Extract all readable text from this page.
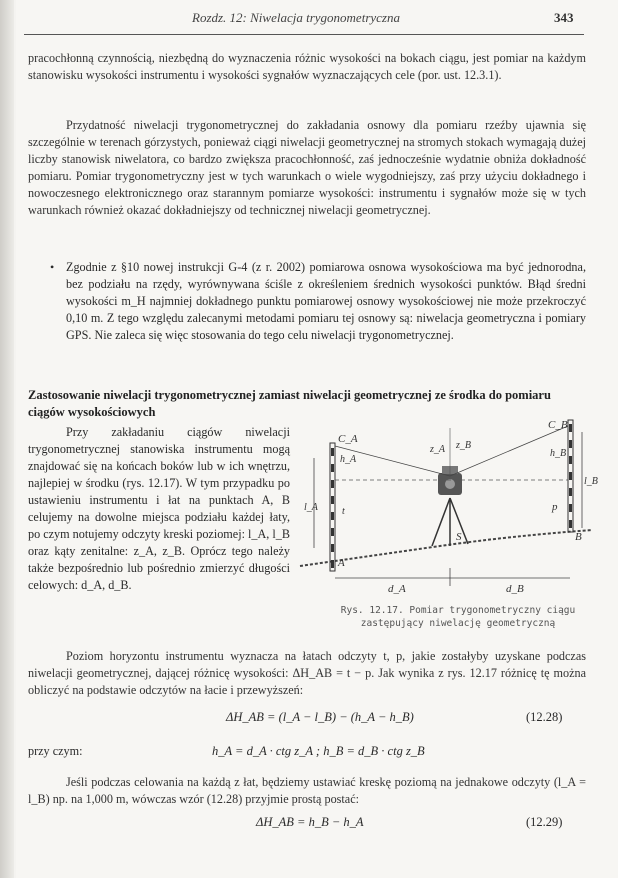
Rozdz. 12: Niwelacja trygonometryczna	343
pracochłonną czynnością, niezbędną do wyznaczenia różnic wysokości na bokach ciągu, jest pomiar na każdym stanowisku wysokości instrumentu i wysokości sygnałów wyznaczających cele (por. ust. 12.3.1).
Przydatność niwelacji trygonometrycznej do zakładania osnowy dla pomiaru rzeźby ujawnia się szczególnie w terenach górzystych, ponieważ ciągi niwelacji geometrycznej na stromych stokach wymagają dużej liczby stanowisk niwelatora, co bardzo zwiększa pracochłonność, zaś jednocześnie wydatnie obniża dokładność pomiaru. Pomiar trygonometryczny jest w tych warunkach o wiele wygodniejszy, zaś przy użyciu dokładnego i nowoczesnego elektronicznego oraz starannym pomiarze wysokości: instrumentu i sygnałów może się w tych warunkach również okazać dokładniejszy od technicznej niwelacji geometrycznej.
• Zgodnie z §10 nowej instrukcji G-4 (z r. 2002) pomiarowa osnowa wysokościowa ma być jednorodna, bez podziału na rzędy, wyrównywana ściśle z określeniem średnich wysokości punktów. Błąd średni wysokości m_H najmniej dokładnego punktu pomiarowej osnowy wysokościowej nie może przekroczyć 0,10 m. Z tego względu zalecanymi metodami pomiaru tej osnowy są: niwelacja geometryczna i pomiary GPS. Nie zaleca się więc stosowania do tego celu niwelacji trygonometrycznej.
Zastosowanie niwelacji trygonometrycznej zamiast niwelacji geometrycznej ze środka do pomiaru ciągów wysokościowych
Przy zakładaniu ciągów niwelacji trygonometrycznej stanowiska instrumentu mogą znajdować się na końcach boków lub w ich wnętrzu, najlepiej w środku (rys. 12.17). W tym przypadku po ustawieniu instrumentu i łat na punktach A, B celujemy na dowolne miejsca podziału każdej łaty, po czym notujemy odczyty kreski poziomej: l_A, l_B oraz kąty zenitalne: z_A, z_B. Oprócz tego należy także bezpośrednio lub pośrednio zmierzyć długości celowych: d_A, d_B.
C_A
C_B
h_A
h_B
z_A z_B
l_A
l_B
t	p
A
B
S
d_A	d_B
Rys. 12.17. Pomiar trygonometryczny ciągu
zastępujący niwelację geometryczną
Poziom horyzontu instrumentu wyznacza na łatach odczyty t, p, jakie zostałyby uzyskane podczas niwelacji geometrycznej, dającej różnicę wysokości: ΔH_AB = t − p. Jak wynika z rys. 12.17 różnicę tę można obliczyć na podstawie odczytów na łacie i przewyższeń:
ΔH_AB = (l_A − l_B) − (h_A − h_B)	(12.28)
przy czym:	h_A = d_A · ctg z_A ; h_B = d_B · ctg z_B
Jeśli podczas celowania na każdą z łat, będziemy ustawiać kreskę poziomą na jednakowe odczyty (l_A = l_B) np. na 1,000 m, wówczas wzór (12.28) przyjmie prostą postać:
ΔH_AB = h_B − h_A	(12.29)
